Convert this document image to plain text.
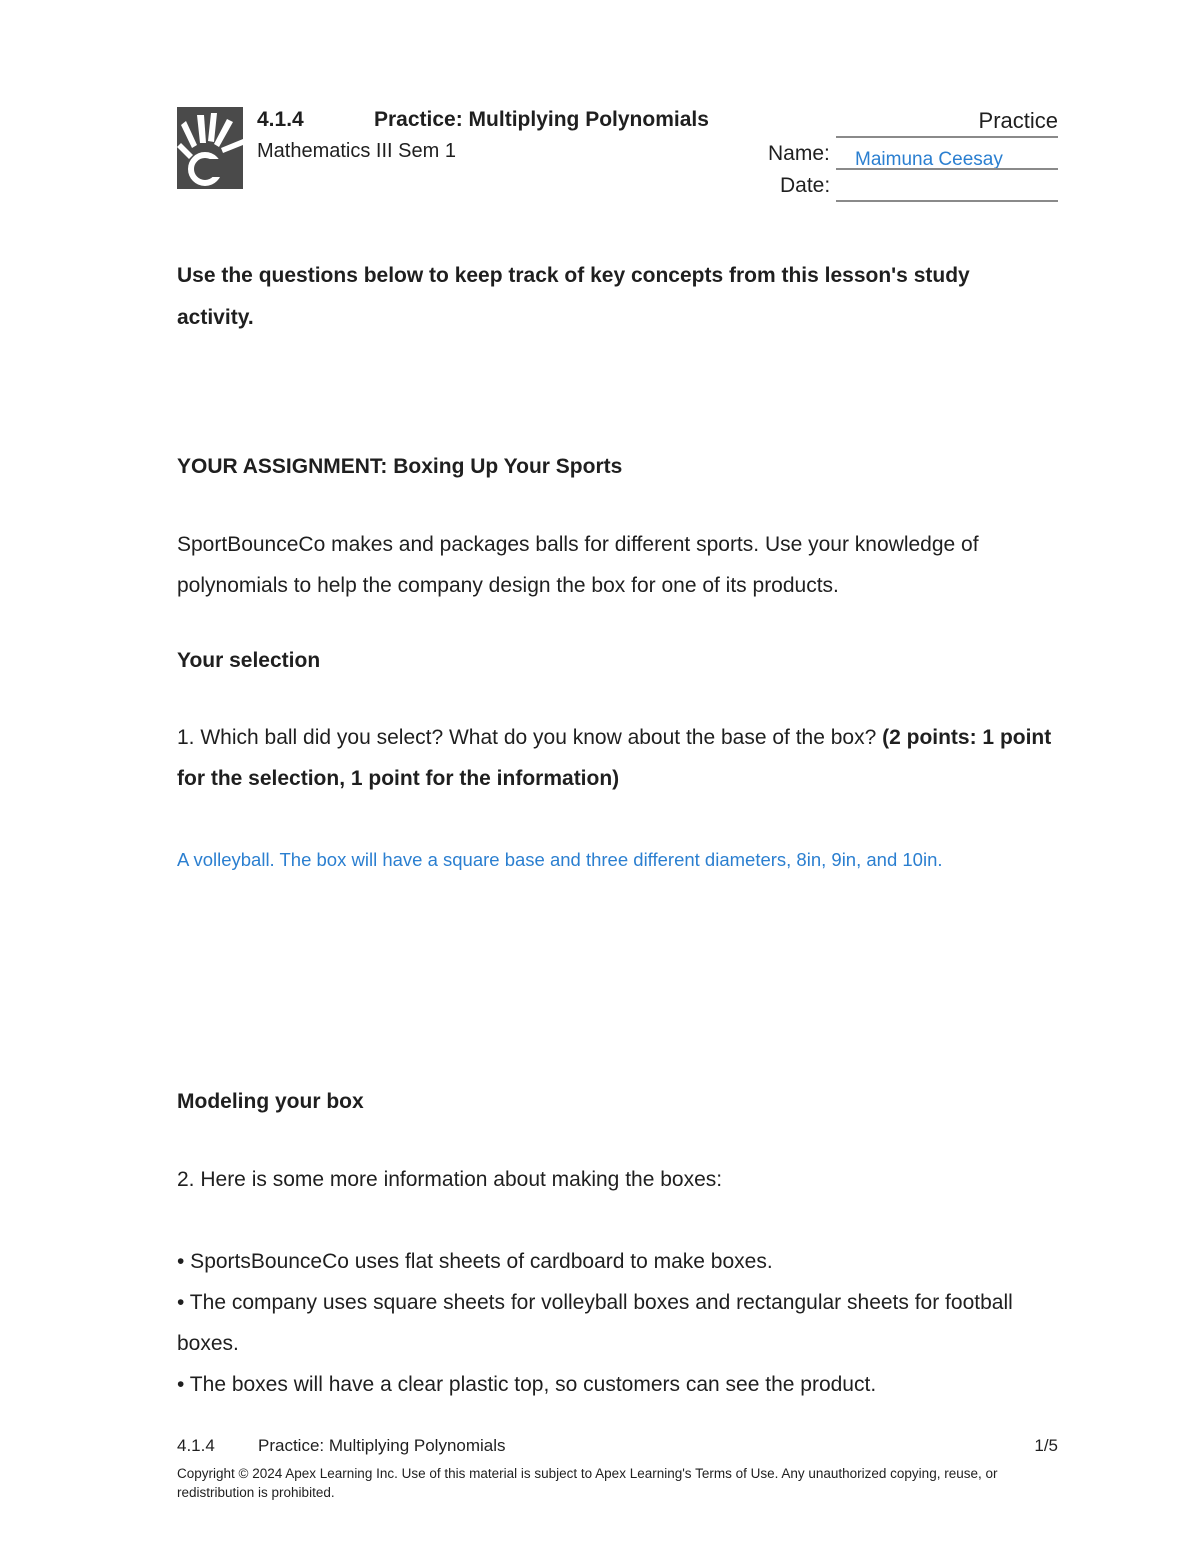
4.1.4	Practice: Multiplying Polynomials	Practice
Mathematics III Sem 1	Name: Maimuna Ceesay
Date:
Use the questions below to keep track of key concepts from this lesson's study activity.
YOUR ASSIGNMENT: Boxing Up Your Sports
SportBounceCo makes and packages balls for different sports. Use your knowledge of polynomials to help the company design the box for one of its products.
Your selection
1. Which ball did you select? What do you know about the base of the box? (2 points: 1 point for the selection, 1 point for the information)
A volleyball. The box will have a square base and three different diameters, 8in, 9in, and 10in.
Modeling your box
2. Here is some more information about making the boxes:
• SportsBounceCo uses flat sheets of cardboard to make boxes.
• The company uses square sheets for volleyball boxes and rectangular sheets for football boxes.
• The boxes will have a clear plastic top, so customers can see the product.
4.1.4	Practice: Multiplying Polynomials	1/5
Copyright © 2024 Apex Learning Inc. Use of this material is subject to Apex Learning's Terms of Use. Any unauthorized copying, reuse, or redistribution is prohibited.
